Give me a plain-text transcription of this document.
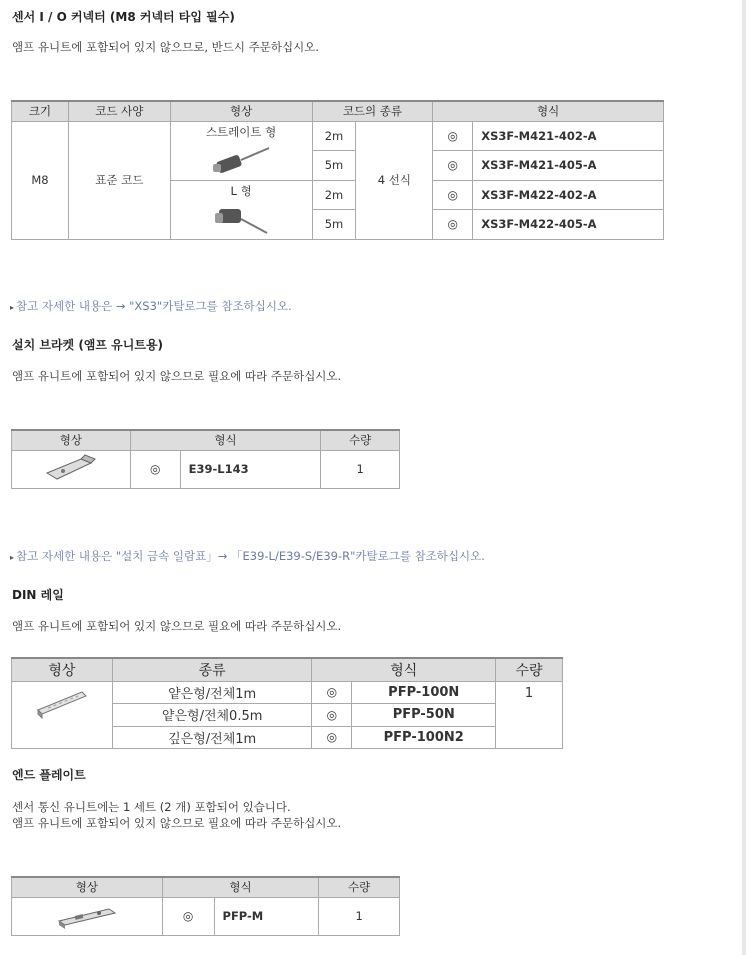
센서 I / O 커넥터 (M8 커넥터 타입 필수)

앰프 유니트에 포함되어 있지 않으므로, 반드시 주문하십시오.

크기	코드 사양	형상	코드의 종류		형식	
M8	표준 코드	스트레이트 형	2m	4 선식	◎	XS3F-M421-402-A
			5m		◎	XS3F-M421-405-A

		L 형	2m		◎	XS3F-M422-402-A
			5m		◎	XS3F-M422-405-A

▸ 참고 자세한 내용은 → "XS3"카탈로그를 참조하십시오.

설치 브라켓 (앰프 유니트용)

앰프 유니트에 포함되어 있지 않으므로 필요에 따라 주문하십시오.

형상	형식		수량

	◎	E39-L143	1

▸ 참고 자세한 내용은 "설치 금속 일람표」→ 「E39-L/E39-S/E39-R"카탈로그를 참조하십시오.

DIN 레일

앰프 유니트에 포함되어 있지 않으므로 필요에 따라 주문하십시오.

형상	종류	형식		수량

	얕은형/전체1m	◎	PFP-100N	1
	얕은형/전체0.5m	◎	PFP-50N	
	깊은형/전체1m	◎	PFP-100N2	
엔드 플레이트

센서 통신 유니트에는 1 세트 (2 개) 포함되어 있습니다.

앰프 유니트에 포함되어 있지 않으므로 필요에 따라 주문하십시오.

형상	형식		수량

	◎	PFP-M	1
